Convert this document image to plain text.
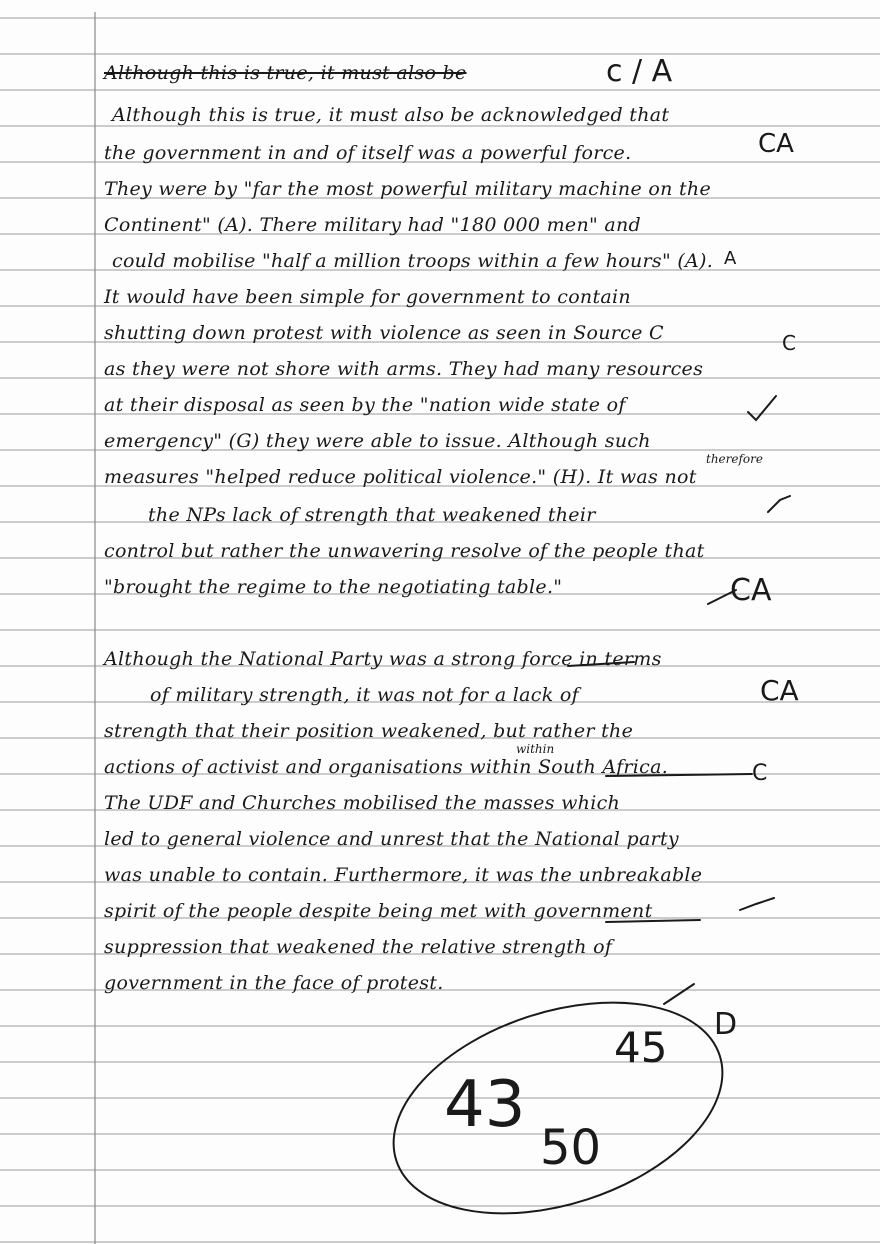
Although this is true, it must also be	c / A
Although this is true, it must also be acknowledged that
the government in and of itself was a powerful force.
They were by "far the most powerful military machine on the
Continent" (A). There military had "180 000 men" and
could mobilise "half a million troops within a few hours" (A).
It would have been simple for government to contain
shutting down protest with violence as seen in Source C
as they were not shore with arms. They had many resources
at their disposal as seen by the "nation wide state of
emergency" (G) they were able to issue. Although such
therefore
measures "helped reduce political violence." (H). It was not
the NPs lack of strength that weakened their
control but rather the unwavering resolve of the people that
"brought the regime to the negotiating table."
Although the National Party was a strong force in terms
of military strength, it was not for a lack of
strength that their position weakened, but rather the
within
actions of activist and organisations within South Africa.
The UDF and Churches mobilised the masses which
led to general violence and unrest that the National party
was unable to contain. Furthermore, it was the unbreakable
spirit of the people despite being met with government
suppression that weakened the relative strength of
government in the face of protest.
CA
C
A
CA
CA
C
45
50
43
D
